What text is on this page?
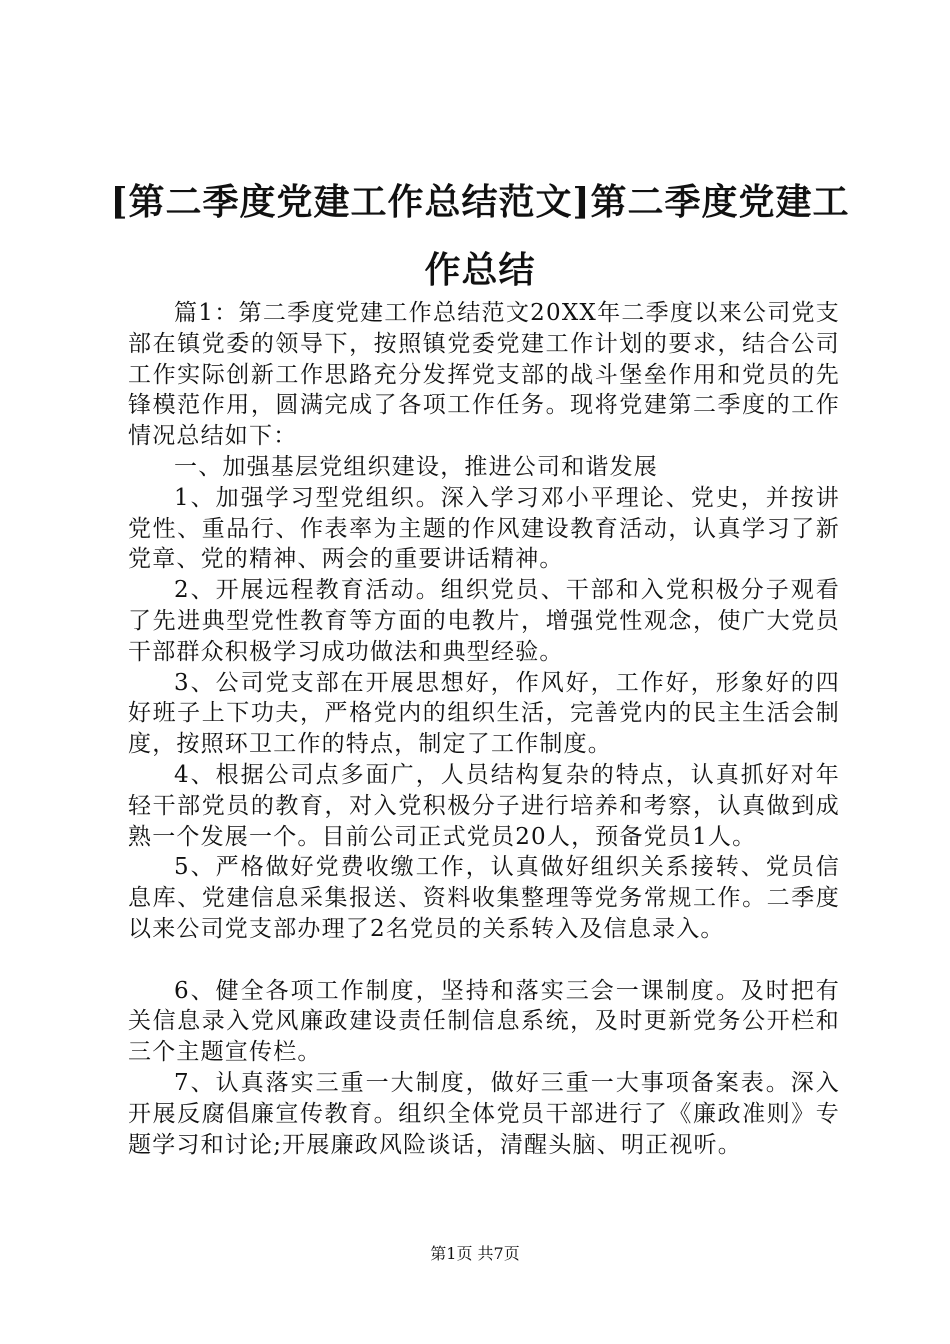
[第二季度党建工作总结范文]第二季度党建工作总结

篇1：第二季度党建工作总结范文20XX年二季度以来公司党支部在镇党委的领导下，按照镇党委党建工作计划的要求，结合公司工作实际创新工作思路充分发挥党支部的战斗堡垒作用和党员的先锋模范作用，圆满完成了各项工作任务。现将党建第二季度的工作情况总结如下：

一、加强基层党组织建设，推进公司和谐发展

1、加强学习型党组织。深入学习邓小平理论、党史，并按讲党性、重品行、作表率为主题的作风建设教育活动，认真学习了新党章、党的精神、两会的重要讲话精神。

2、开展远程教育活动。组织党员、干部和入党积极分子观看了先进典型党性教育等方面的电教片，增强党性观念，使广大党员干部群众积极学习成功做法和典型经验。

3、公司党支部在开展思想好，作风好，工作好，形象好的四好班子上下功夫，严格党内的组织生活，完善党内的民主生活会制度，按照环卫工作的特点，制定了工作制度。

4、根据公司点多面广，人员结构复杂的特点，认真抓好对年轻干部党员的教育，对入党积极分子进行培养和考察，认真做到成熟一个发展一个。目前公司正式党员20人，预备党员1人。

5、严格做好党费收缴工作，认真做好组织关系接转、党员信息库、党建信息采集报送、资料收集整理等党务常规工作。二季度以来公司党支部办理了2名党员的关系转入及信息录入。

6、健全各项工作制度，坚持和落实三会一课制度。及时把有关信息录入党风廉政建设责任制信息系统，及时更新党务公开栏和三个主题宣传栏。

7、认真落实三重一大制度，做好三重一大事项备案表。深入开展反腐倡廉宣传教育。组织全体党员干部进行了《廉政准则》专题学习和讨论;开展廉政风险谈话，清醒头脑、明正视听。

第1页 共7页
